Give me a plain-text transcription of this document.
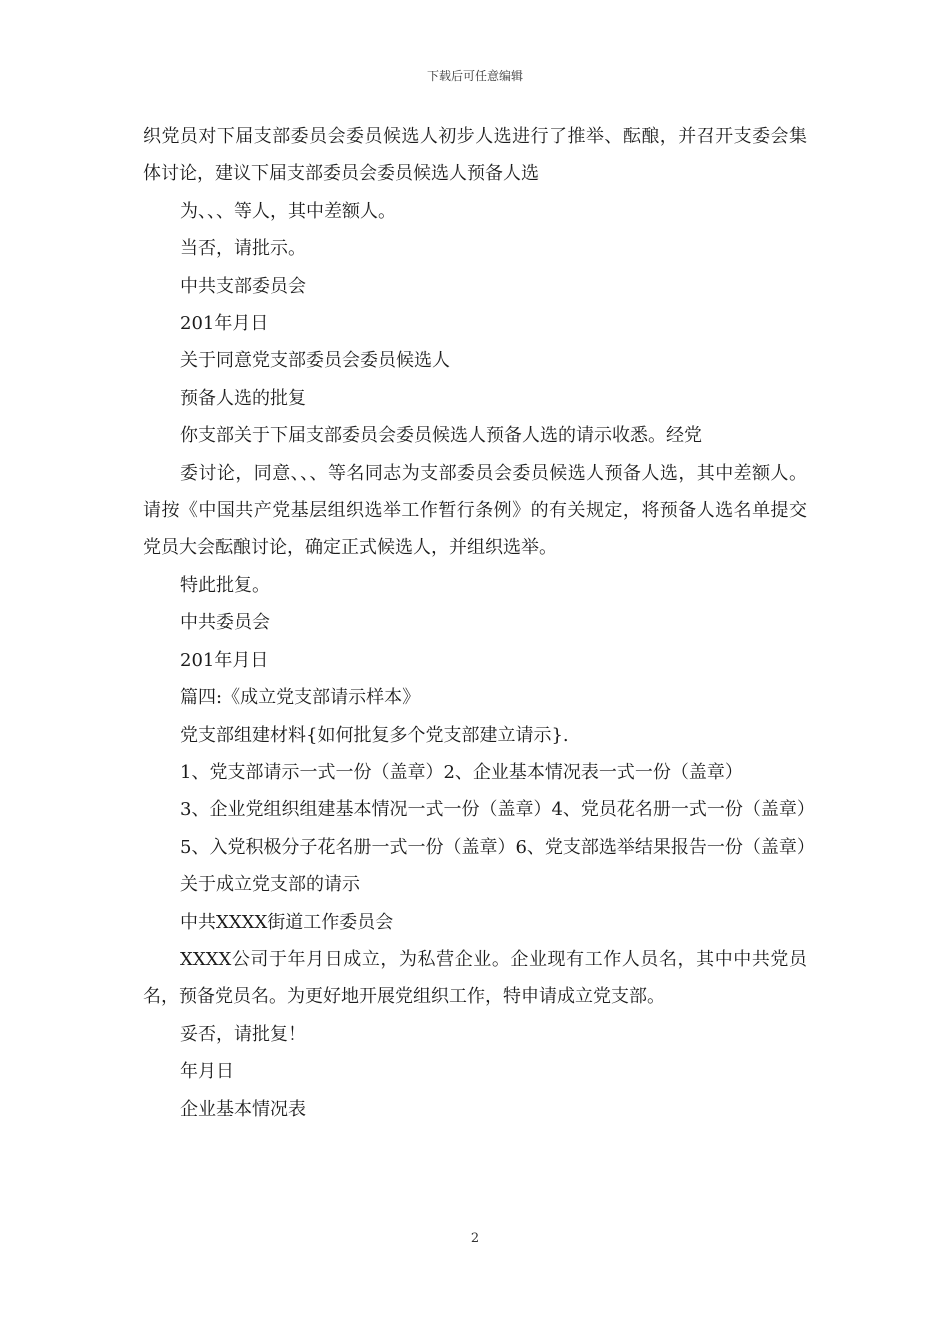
下载后可任意编辑

织党员对下届支部委员会委员候选人初步人选进行了推举、酝酿，并召开支委会集体讨论，建议下届支部委员会委员候选人预备人选

为、、、等人，其中差额人。

当否，请批示。

中共支部委员会

201年月日

关于同意党支部委员会委员候选人

预备人选的批复

你支部关于下届支部委员会委员候选人预备人选的请示收悉。经党

委讨论，同意、、、等名同志为支部委员会委员候选人预备人选，其中差额人。请按《中国共产党基层组织选举工作暂行条例》的有关规定，将预备人选名单提交党员大会酝酿讨论，确定正式候选人，并组织选举。

特此批复。

中共委员会

201年月日

篇四:《成立党支部请示样本》

党支部组建材料{如何批复多个党支部建立请示}.

1、党支部请示一式一份（盖章）2、企业基本情况表一式一份（盖章）

3、企业党组织组建基本情况一式一份（盖章）4、党员花名册一式一份（盖章）

5、入党积极分子花名册一式一份（盖章）6、党支部选举结果报告一份（盖章）

关于成立党支部的请示

中共XXXX街道工作委员会

XXXX公司于年月日成立，为私营企业。企业现有工作人员名，其中中共党员名，预备党员名。为更好地开展党组织工作，特申请成立党支部。

妥否，请批复！

年月日

企业基本情况表

2
